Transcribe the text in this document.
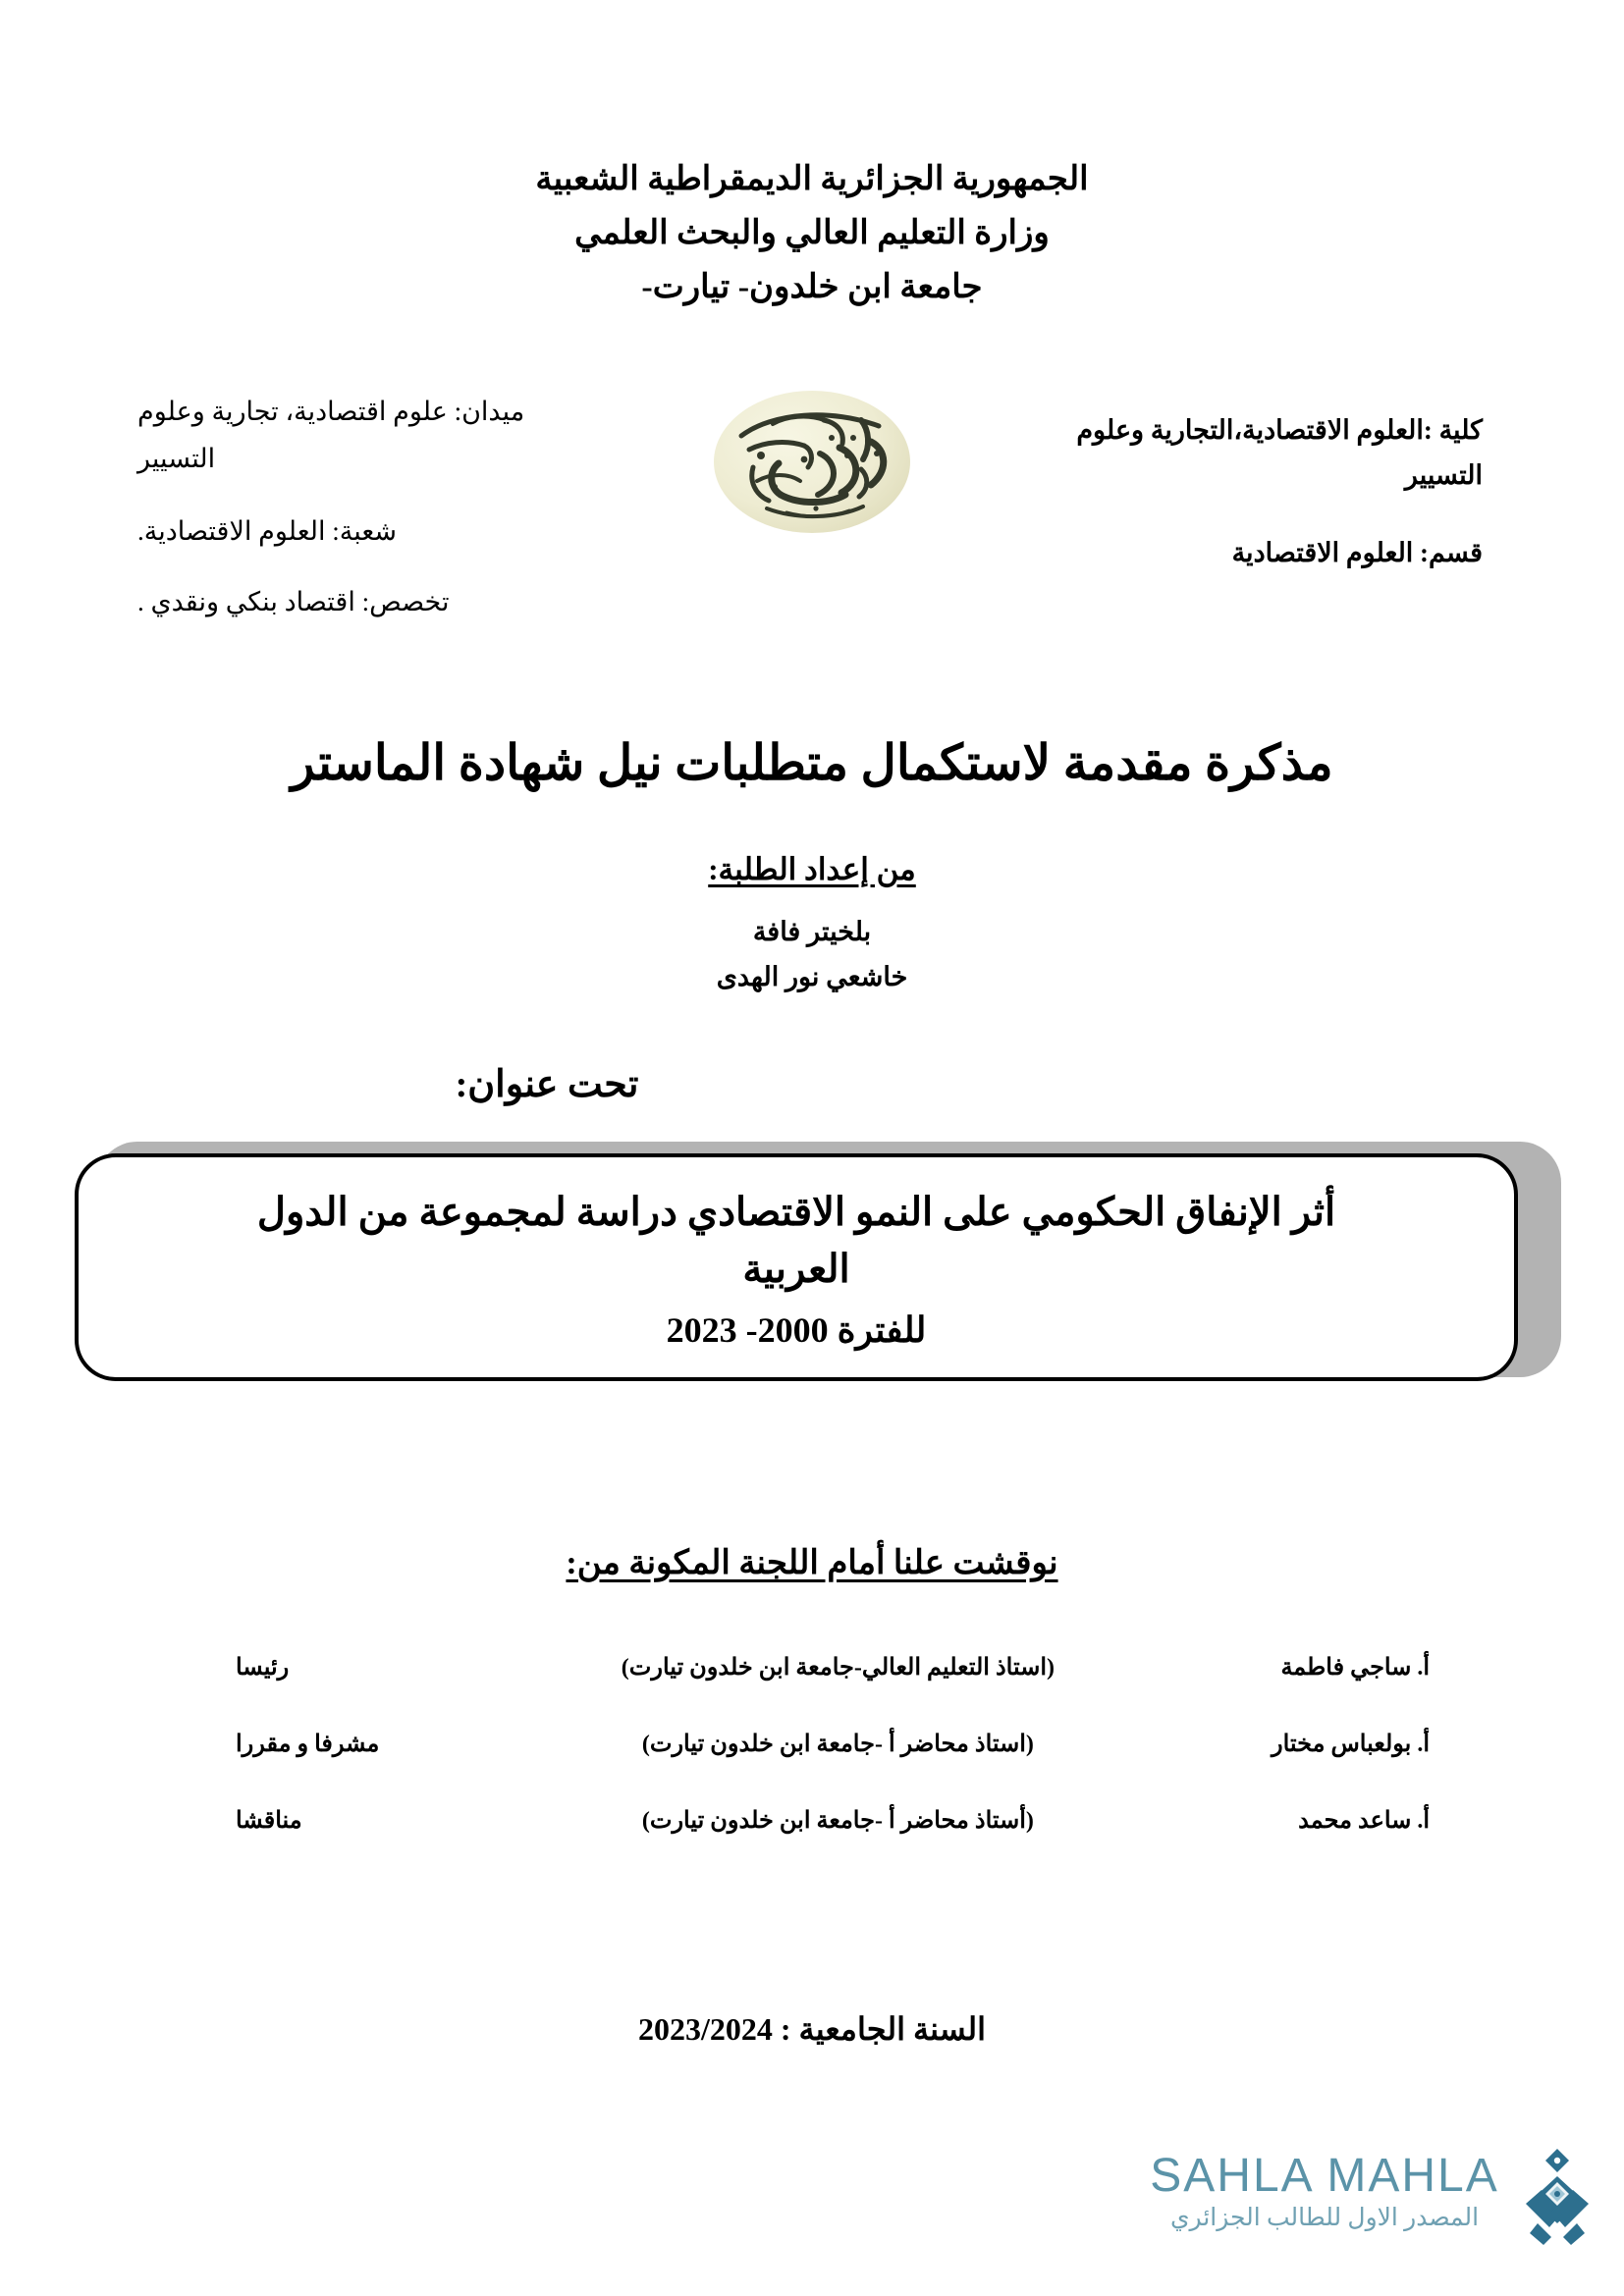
الجمهورية الجزائرية الديمقراطية الشعبية
وزارة التعليم العالي والبحث العلمي
جامعة ابن خلدون- تيارت-
ميدان: علوم اقتصادية، تجارية وعلوم
التسيير
شعبة: العلوم الاقتصادية.
تخصص: اقتصاد بنكي ونقدي .
كلية :العلوم الاقتصادية،التجارية وعلوم
التسيير
قسم: العلوم الاقتصادية
مذكرة مقدمة لاستكمال متطلبات نيل شهادة الماستر
من إعداد الطلبة:
بلخيتر فافة
خاشعي نور الهدى
تحت عنوان:
أثر الإنفاق الحكومي على النمو الاقتصادي دراسة لمجموعة من الدول
العربية
للفترة 2000- 2023
نوقشت علنا أمام اللجنة المكونة من:
أ. ساجي فاطمة	(استاذ التعليم العالي-جامعة ابن خلدون تيارت)	رئيسا
أ. بولعباس مختار	(استاذ محاضر أ -جامعة ابن خلدون تيارت)	مشرفا و مقررا
أ. ساعد محمد	(أستاذ محاضر أ -جامعة ابن خلدون تيارت)	مناقشا
السنة الجامعية : 2023/2024
SAHLA MAHLA
المصدر الاول للطالب الجزائري
